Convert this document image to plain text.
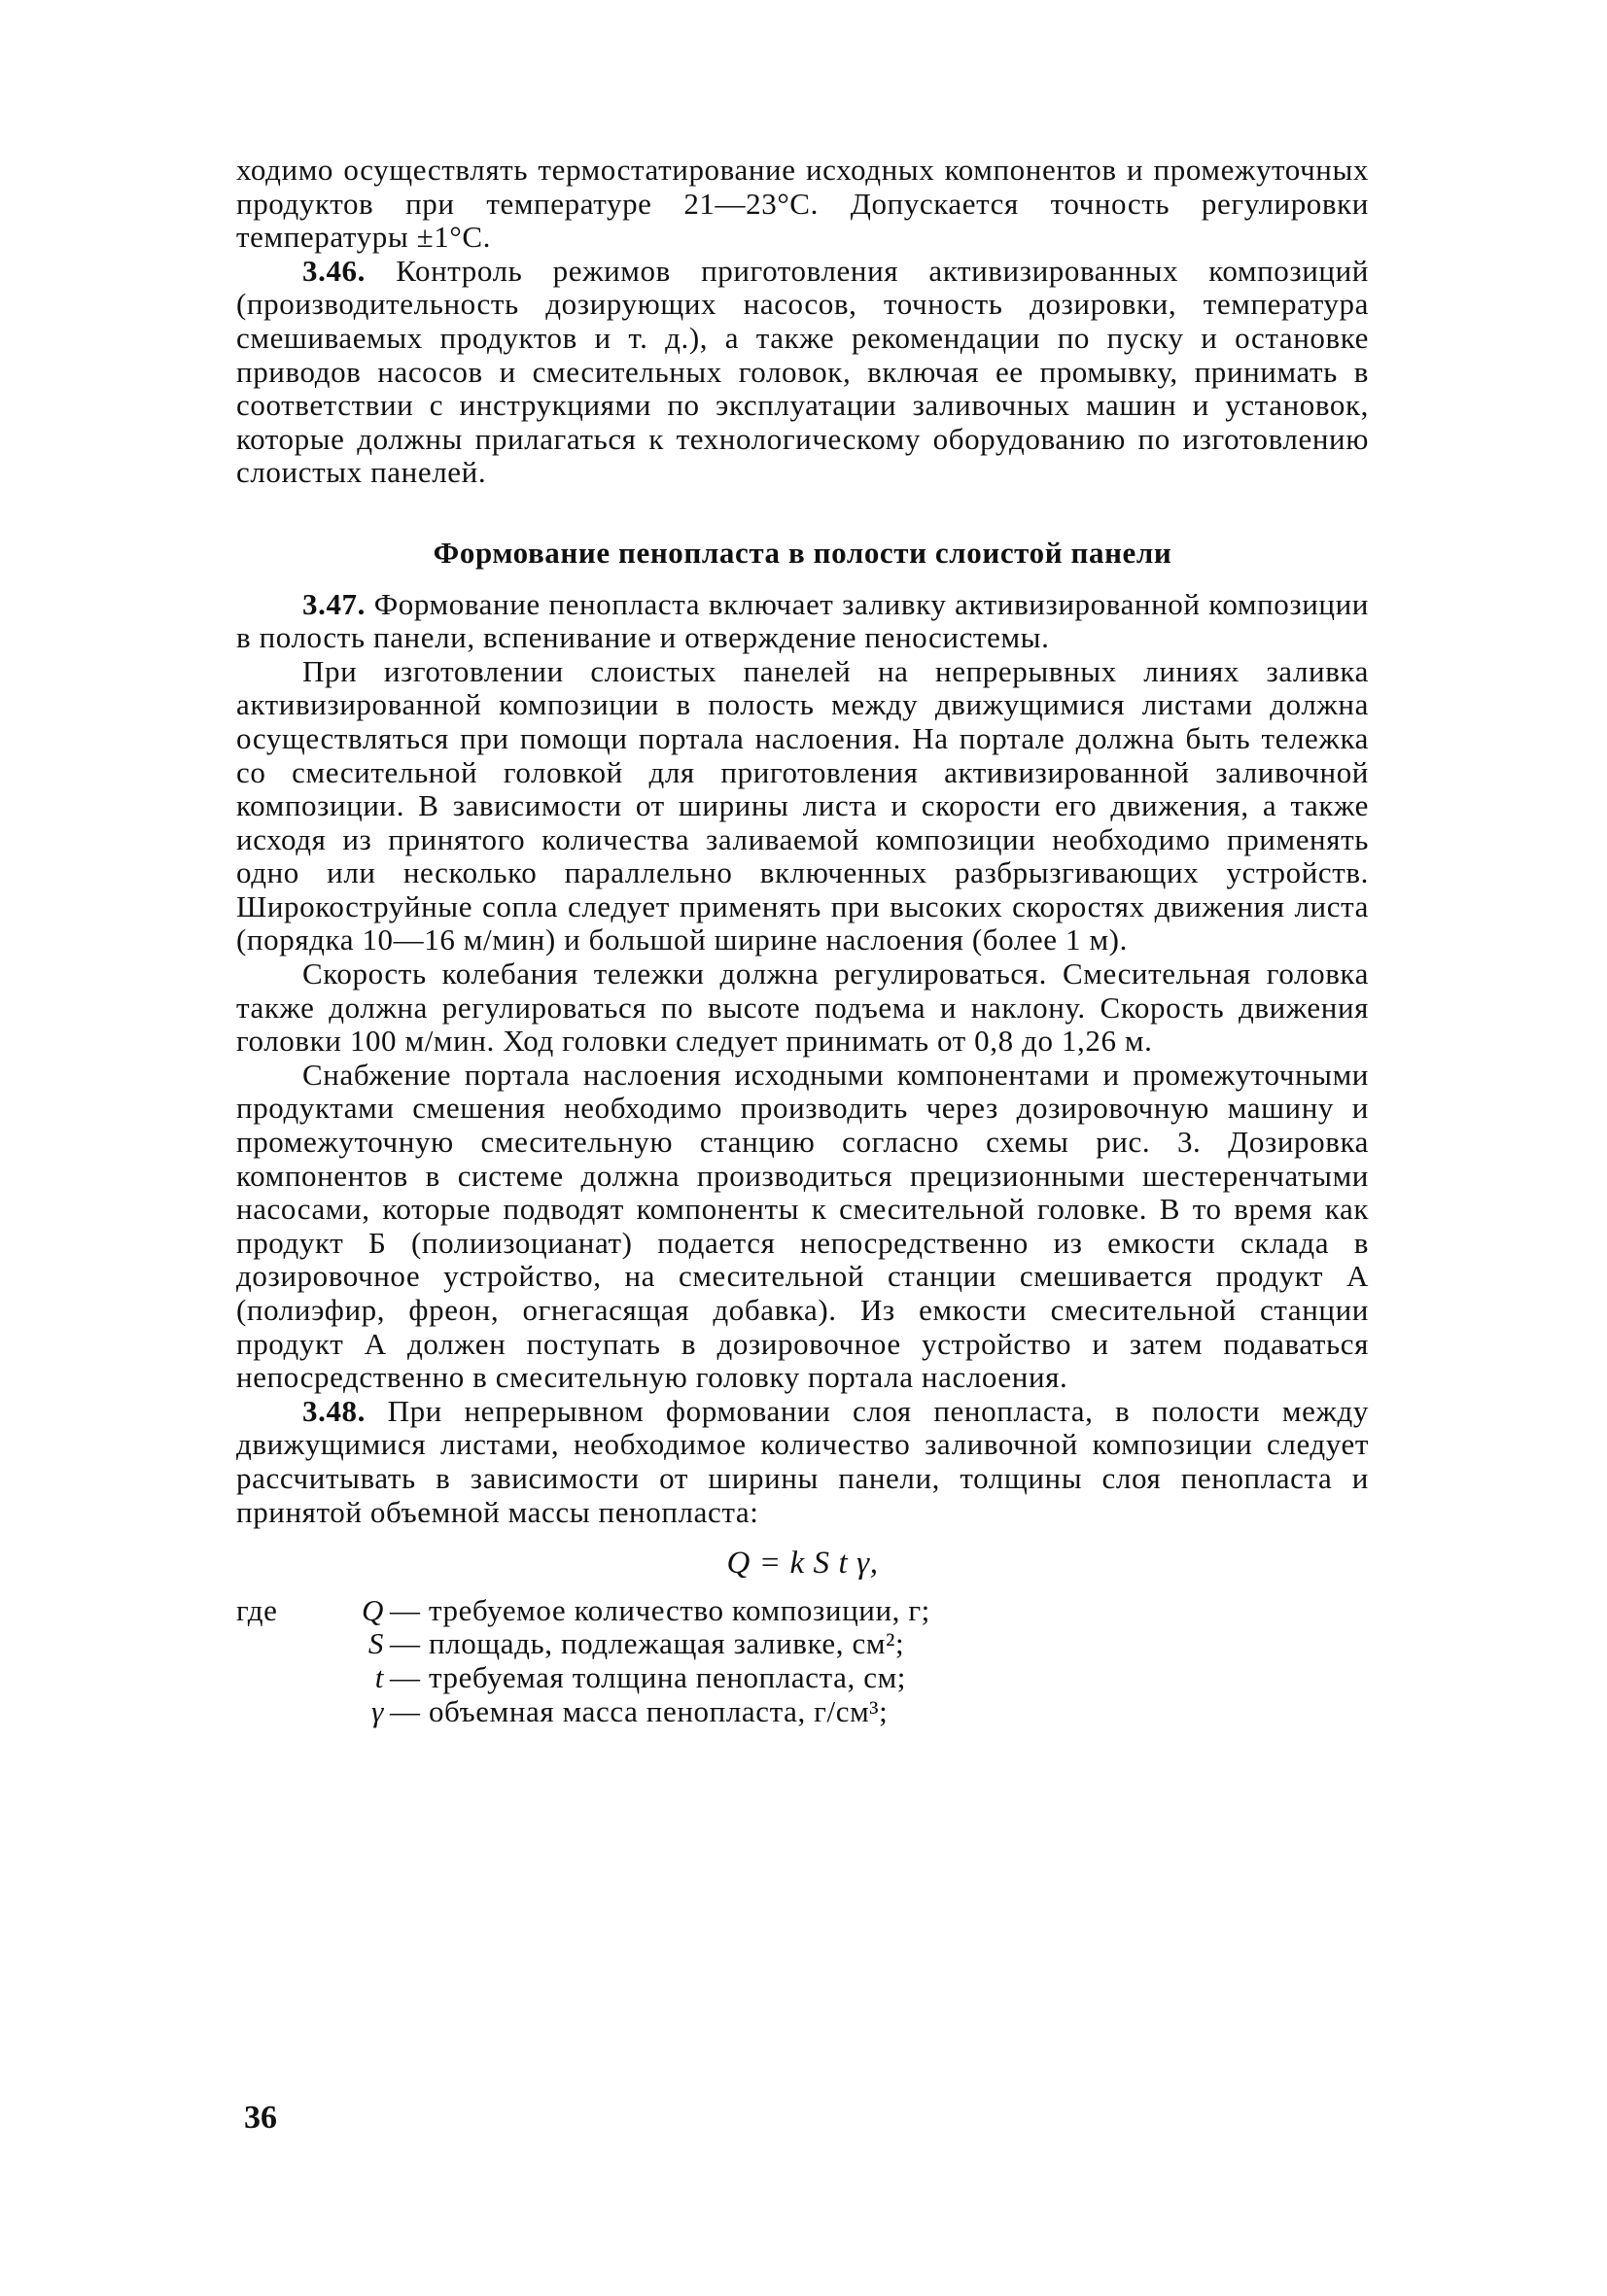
ходимо осуществлять термостатирование исходных компонентов и промежуточных продуктов при температуре 21—23°С. Допускается точность регулировки температуры ±1°С.

3.46. Контроль режимов приготовления активизированных композиций (производительность дозирующих насосов, точность дозировки, температура смешиваемых продуктов и т. д.), а также рекомендации по пуску и остановке приводов насосов и смесительных головок, включая ее промывку, принимать в соответствии с инструкциями по эксплуатации заливочных машин и установок, которые должны прилагаться к технологическому оборудованию по изготовлению слоистых панелей.

Формование пенопласта в полости слоистой панели

3.47. Формование пенопласта включает заливку активизированной композиции в полость панели, вспенивание и отверждение пеносистемы.

При изготовлении слоистых панелей на непрерывных линиях заливка активизированной композиции в полость между движущимися листами должна осуществляться при помощи портала наслоения. На портале должна быть тележка со смесительной головкой для приготовления активизированной заливочной композиции. В зависимости от ширины листа и скорости его движения, а также исходя из принятого количества заливаемой композиции необходимо применять одно или несколько параллельно включенных разбрызгивающих устройств. Широкоструйные сопла следует применять при высоких скоростях движения листа (порядка 10—16 м/мин) и большой ширине наслоения (более 1 м).

Скорость колебания тележки должна регулироваться. Смесительная головка также должна регулироваться по высоте подъема и наклону. Скорость движения головки 100 м/мин. Ход головки следует принимать от 0,8 до 1,26 м.

Снабжение портала наслоения исходными компонентами и промежуточными продуктами смешения необходимо производить через дозировочную машину и промежуточную смесительную станцию согласно схемы рис. 3. Дозировка компонентов в системе должна производиться прецизионными шестеренчатыми насосами, которые подводят компоненты к смесительной головке. В то время как продукт Б (полиизоцианат) подается непосредственно из емкости склада в дозировочное устройство, на смесительной станции смешивается продукт А (полиэфир, фреон, огнегасящая добавка). Из емкости смесительной станции продукт А должен поступать в дозировочное устройство и затем подаваться непосредственно в смесительную головку портала наслоения.

3.48. При непрерывном формовании слоя пенопласта, в полости между движущимися листами, необходимое количество заливочной композиции следует рассчитывать в зависимости от ширины панели, толщины слоя пенопласта и принятой объемной массы пенопласта:

Q = k S t γ,

где	Q — требуемое количество композиции, г;
S — площадь, подлежащая заливке, см²;
t — требуемая толщина пенопласта, см;
γ — объемная масса пенопласта, г/см³;
36
